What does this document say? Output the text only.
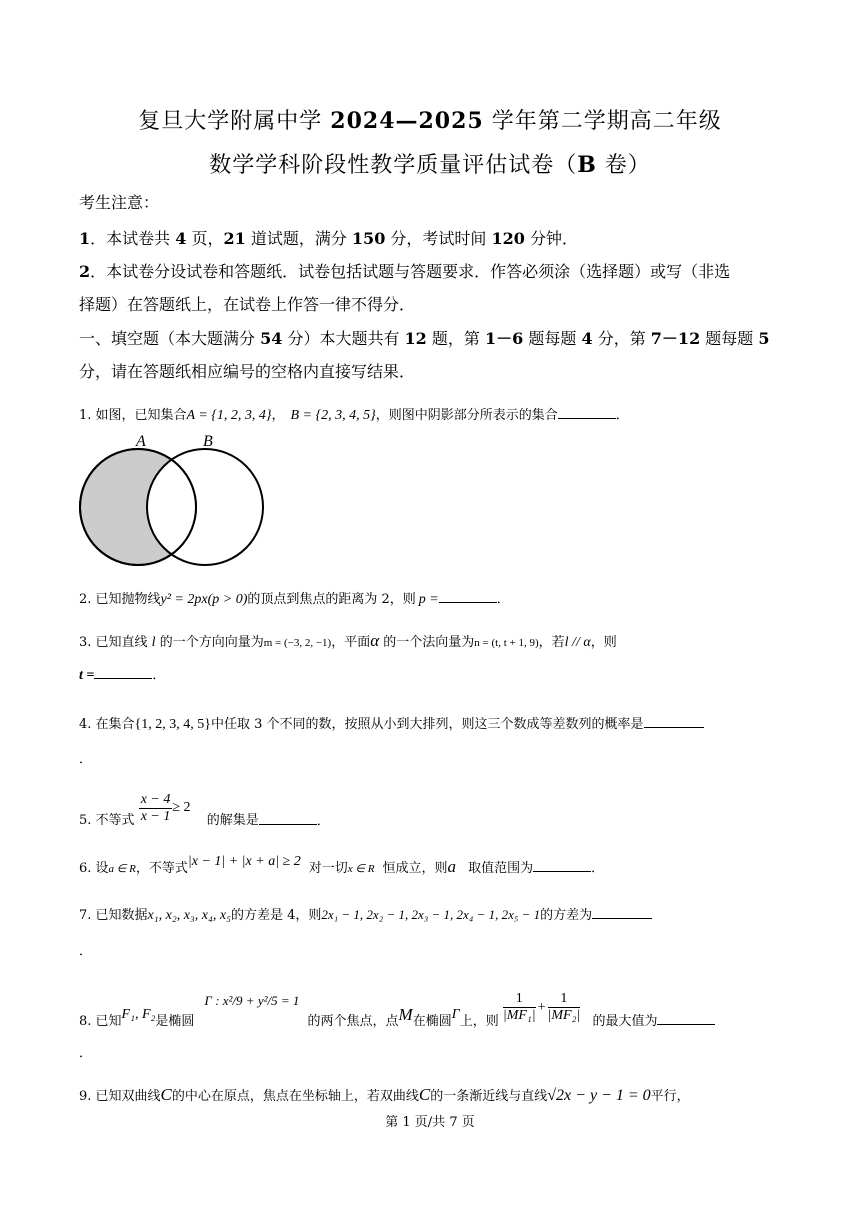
复旦大学附属中学 2024—2025 学年第二学期高二年级
数学学科阶段性教学质量评估试卷（B 卷）
考生注意：
1．本试卷共 4 页，21 道试题，满分 150 分，考试时间 120 分钟．
2．本试卷分设试卷和答题纸．试卷包括试题与答题要求．作答必须涂（选择题）或写（非选
择题）在答题纸上，在试卷上作答一律不得分．
一、填空题（本大题满分 54 分）本大题共有 12 题，第 1－6 题每题 4 分，第 7－12 题每题 5
分，请在答题纸相应编号的空格内直接写结果．
1. 如图，已知集合A = {1, 2, 3, 4}， B = {2, 3, 4, 5}，则图中阴影部分所表示的集合	．
A	B
2. 已知抛物线y² = 2px(p > 0)的顶点到焦点的距离为 2，则 p =	．
3. 已知直线 l 的一个方向向量为m = (−3, 2, −1)，平面α 的一个法向量为n = (t, t + 1, 9)，若l // α，则
t =	．
4. 在集合{1, 2, 3, 4, 5}中任取 3 个不同的数，按照从小到大排列，则这三个数成等差数列的概率是
．
5. 不等式 $\frac{x - 4}{x - 1} \ge 2$ 的解集是	．
6. 设a ∈ R，不等式|x − 1| + |x + a| ≥ 2 对一切x ∈ R 恒成立，则a 取值范围为	．
7. 已知数据x₁, x₂, x₃, x₄, x₅的方差是 4，则2x₁ − 1, 2x₂ − 1, 2x₃ − 1, 2x₄ − 1, 2x₅ − 1的方差为
．
8. 已知F₁, F₂是椭圆 Γ : x²/9 + y²/5 = 1 的两个焦点，点M在椭圆Γ上，则 $\frac{1}{\text{|MF₁|}} + \frac{1}{\text{|MF₂|}}$ 的最大值为
．
9. 已知双曲线C的中心在原点，焦点在坐标轴上，若双曲线C的一条渐近线与直线√2x − y − 1 = 0平行，
第 1 页/共 7 页
